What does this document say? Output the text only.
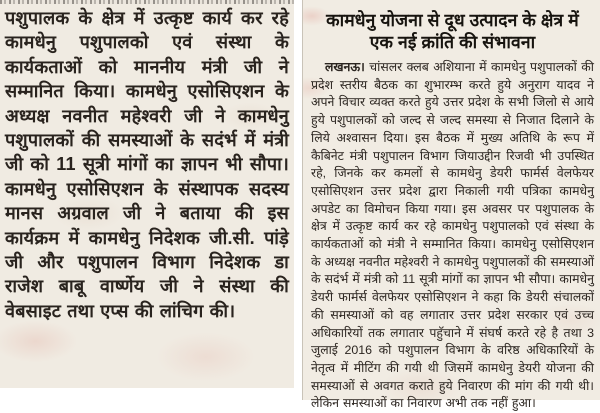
पशुपालक के क्षेत्र में उत्कृष्ट कार्य कर रहे कामधेनु पशुपालको एवं संस्था के कार्यकताओं को माननीय मंत्री जी ने सम्मानित किया। कामधेनु एसोसिएशन के अध्यक्ष नवनीत महेश्वरी जी ने कामधेनु पशुपालकों की समस्याओं के सदंर्भ में मंत्री जी को 11 सूत्री मांगों का ज्ञापन भी सौपा। कामधेनु एसोसिएशन के संस्थापक सदस्य मानस अग्रवाल जी ने बताया की इस कार्यक्रम में कामधेनु निदेशक जी.सी. पांड़े जी और पशुपालन विभाग निदेशक डा राजेश बाबू वार्ष्णेय जी ने संस्था की वेबसाइट तथा एप्स की लांचिग की।
कामधेनु योजना से दूध उत्पादन के क्षेत्र में
एक नई क्रांति की संभावना
लखनऊ। चांसलर क्लब अशियाना में कामधेनु पशुपालकों की प्रदेश स्तरीय बैठक का शुभारम्भ करते हुये अनुराग यादव ने अपने विचार व्यक्त करते हुये उत्तर प्रदेश के सभी जिलो से आये हुये पशुपालकों को जल्द से जल्द समस्या से निजात दिलाने के लिये अश्वासन दिया। इस बैठक में मुख्य अतिथि के रूप में कैबिनेट मंत्री पशुपालन विभाग जियाउद्दीन रिजवी भी उपस्थित रहे, जिनके कर कमलों से कामधेनु डेयरी फार्मर्स वेलफेयर एसोसिएशन उत्तर प्रदेश द्वारा निकाली गयी पत्रिका कामधेनु अपडेट का विमोचन किया गया। इस अवसर पर पशुपालक के क्षेत्र में उत्कृष्ट कार्य कर रहे कामधेनु पशुपालको एवं संस्था के कार्यकताओं को मंत्री ने सम्मानित किया। कामधेनु एसोसिएशन के अध्यक्ष नवनीत महेश्वरी ने कामधेनु पशुपालकों की समस्याओं के सदंर्भ में मंत्री को 11 सूत्री मांगों का ज्ञापन भी सौपा। कामधेनु डेयरी फार्मर्स वेलफेयर एसोसिएशन ने कहा कि डेयरी संचालकों की समस्याओं को वह लगातार उत्तर प्रदेश सरकार एवं उच्च अधिकारियों तक लगातार पहुॅचाने में संघर्ष करते रहे है तथा 3 जुलाई 2016 को पशुपालन विभाग के वरिष्ठ अधिकारियों के नेतृत्व में मीटिंग की गयी थी जिसमें कामधेनु डेयरी योजना की समस्याओं से अवगत कराते हुये निवारण की मांग की गयी थी। लेकिन समस्याओं का निवारण अभी तक नहीं हुआ।
